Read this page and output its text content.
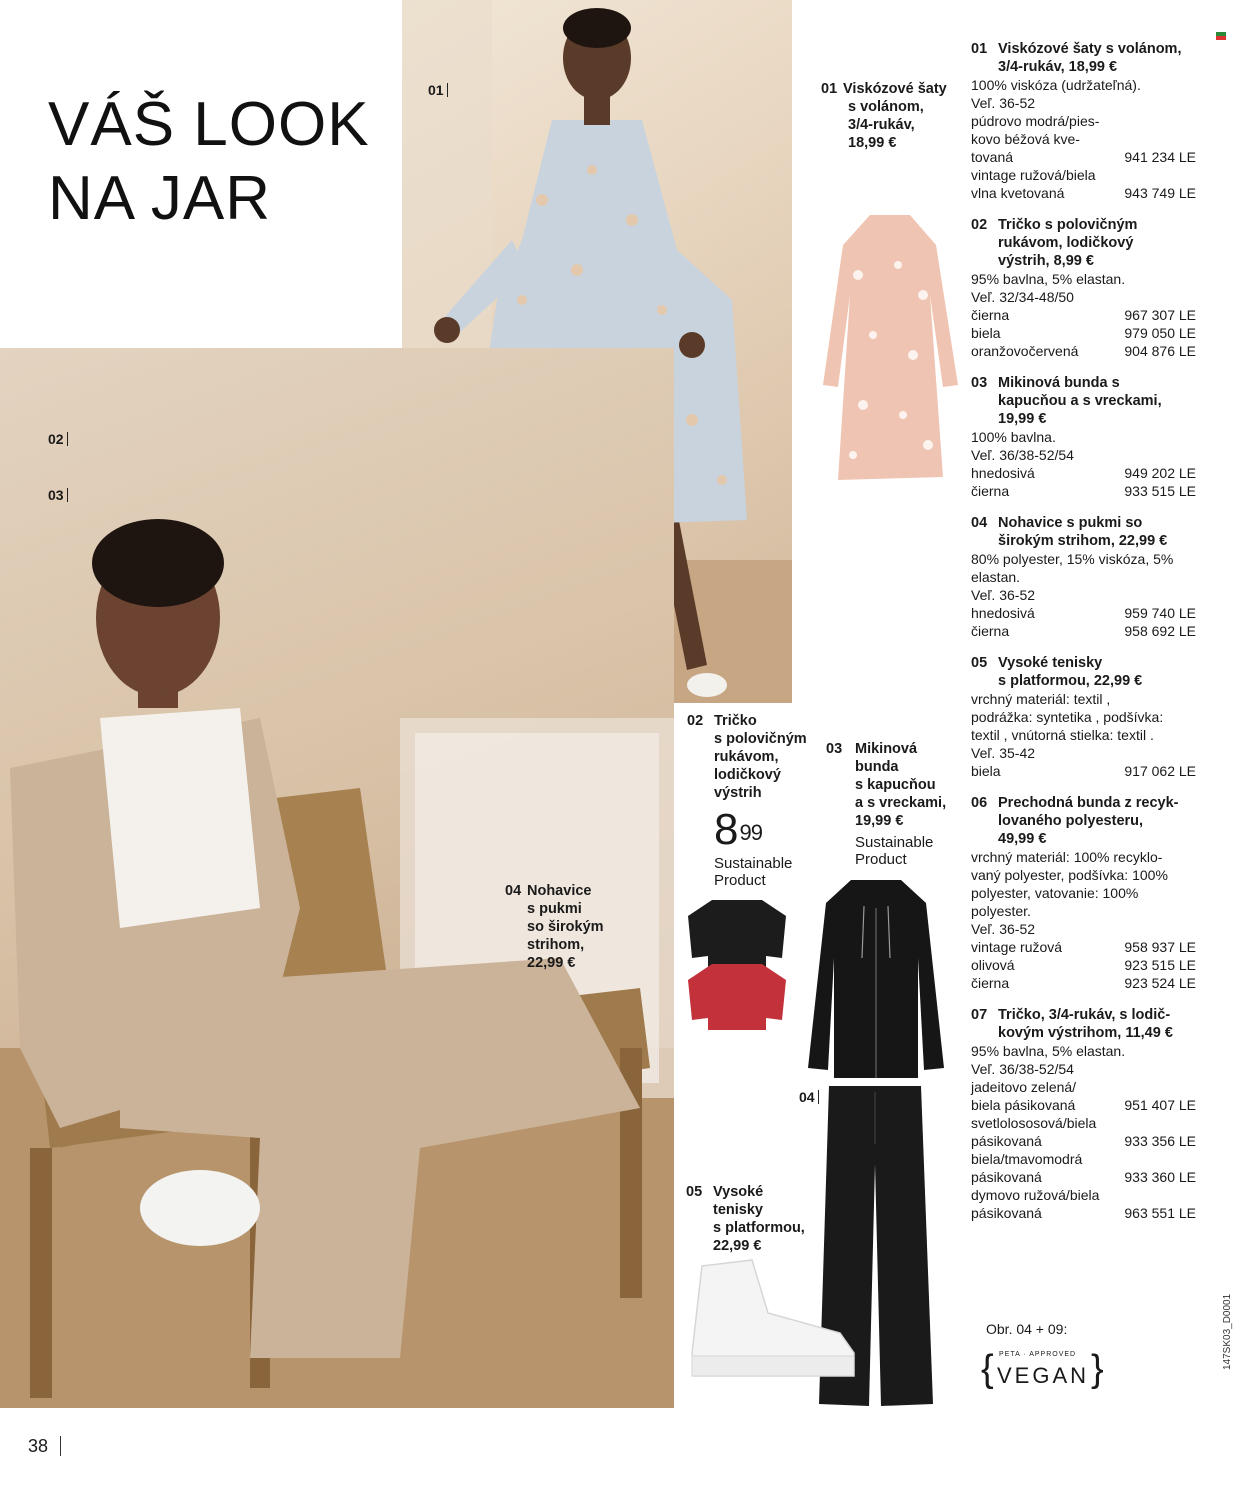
VÁŠ LOOK
NA JAR
01
02
03
04 Nohavice
s pukmi
so širokým
strihom,
22,99 €
01 Viskózové šaty
s volánom,
3/4-rukáv,
18,99 €
02 Tričko
s polovičným
rukávom,
lodičkový
výstrih
$8^{99}$
Sustainable
Product
03 Mikinová
bunda
s kapucňou
a s vreckami,
19,99 €
Sustainable
Product
04
05 Vysoké
tenisky
s platformou,
22,99 €
01 Viskózové šaty s volánom,
3/4-rukáv, 18,99 €

100% viskóza (udržateľná).

Veľ. 36-52

púdrovo modrá/pies-

kovo béžová kve-

tovaná	941 234 LE
vintage ružová/biela
vlna kvetovaná	943 749 LE
02 Tričko s polovičným
rukávom, lodičkový
výstrih, 8,99 €

95% bavlna, 5% elastan.

Veľ. 32/34-48/50

čierna	967 307 LE
biela	979 050 LE
oranžovočervená	904 876 LE
03 Mikinová bunda s
kapucňou a s vreckami,
19,99 €

100% bavlna.

Veľ. 36/38-52/54

hnedosivá	949 202 LE
čierna	933 515 LE
04 Nohavice s pukmi so
širokým strihom, 22,99 €

80% polyester, 15% viskóza, 5%

elastan.

Veľ. 36-52

hnedosivá	959 740 LE
čierna	958 692 LE
05 Vysoké tenisky
s platformou, 22,99 €

vrchný materiál: textil ,

podrážka: syntetika , podšívka:

textil , vnútorná stielka: textil .

Veľ. 35-42

biela	917 062 LE
06 Prechodná bunda z recyk-
lovaného polyesteru,
49,99 €

vrchný materiál: 100% recyklo-

vaný polyester, podšívka: 100%

polyester, vatovanie: 100%

polyester.

Veľ. 36-52

vintage ružová	958 937 LE
olivová	923 515 LE
čierna	923 524 LE
07 Tričko, 3/4-rukáv, s lodič-
kovým výstrihom, 11,49 €

95% bavlna, 5% elastan.

Veľ. 36/38-52/54

jadeitovo zelená/

biela pásikovaná	951 407 LE
svetlolososová/biela
pásikovaná	933 356 LE
biela/tmavomodrá
pásikovaná	933 360 LE
dymovo ružová/biela
pásikovaná	963 551 LE
Obr. 04 + 09:
{ PETA · APPROVED
VEGAN }
38
147SK03_D0001
